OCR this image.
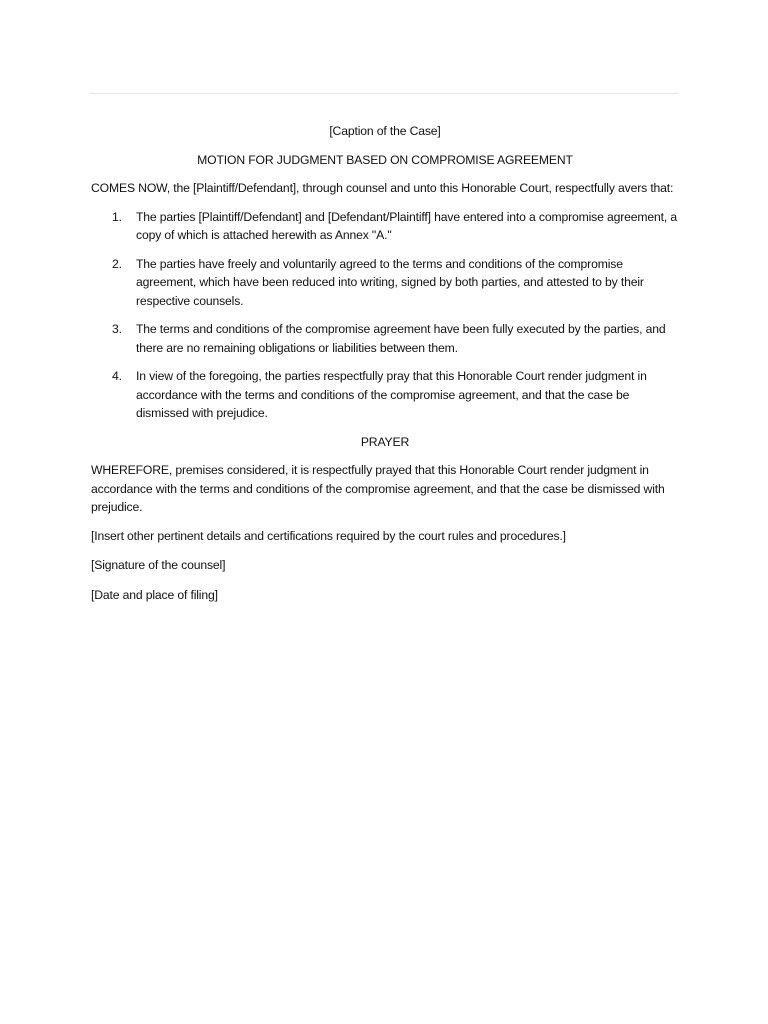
[Caption of the Case]
MOTION FOR JUDGMENT BASED ON COMPROMISE AGREEMENT
COMES NOW, the [Plaintiff/Defendant], through counsel and unto this Honorable Court, respectfully avers that:
1. The parties [Plaintiff/Defendant] and [Defendant/Plaintiff] have entered into a compromise agreement, a copy of which is attached herewith as Annex "A."
2. The parties have freely and voluntarily agreed to the terms and conditions of the compromise agreement, which have been reduced into writing, signed by both parties, and attested to by their respective counsels.
3. The terms and conditions of the compromise agreement have been fully executed by the parties, and there are no remaining obligations or liabilities between them.
4. In view of the foregoing, the parties respectfully pray that this Honorable Court render judgment in accordance with the terms and conditions of the compromise agreement, and that the case be dismissed with prejudice.
PRAYER
WHEREFORE, premises considered, it is respectfully prayed that this Honorable Court render judgment in accordance with the terms and conditions of the compromise agreement, and that the case be dismissed with prejudice.
[Insert other pertinent details and certifications required by the court rules and procedures.]
[Signature of the counsel]
[Date and place of filing]
